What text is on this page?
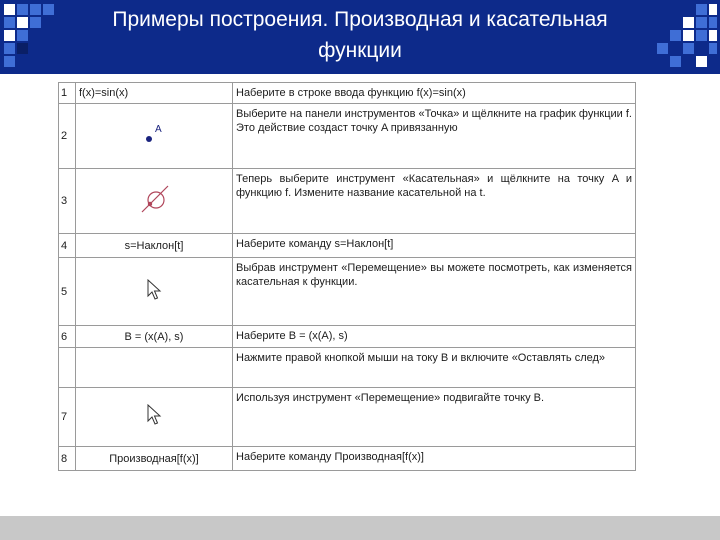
Примеры построения. Производная и касательная
функции
1	f(x)=sin(x)	Наберите в строке ввода функцию f(x)=sin(x)
2	A	Выберите на панели инструментов «Точка» и щёлкните на график функции f. Это действие создаст точку A привязанную
3		Теперь выберите инструмент «Касательная» и щёлкните на точку A и функцию f. Измените название касательной на t.
4	s=Наклон[t]	Наберите команду s=Наклон[t]
5		Выбрав инструмент «Перемещение» вы можете посмотреть, как изменяется касательная к функции.
6	B = (x(A), s)	Наберите B = (x(A), s)
		Нажмите правой кнопкой мыши на току B и включите «Оставлять след»
7		Используя инструмент «Перемещение» подвигайте точку B.
8	Производная[f(x)]	Наберите команду Производная[f(x)]
